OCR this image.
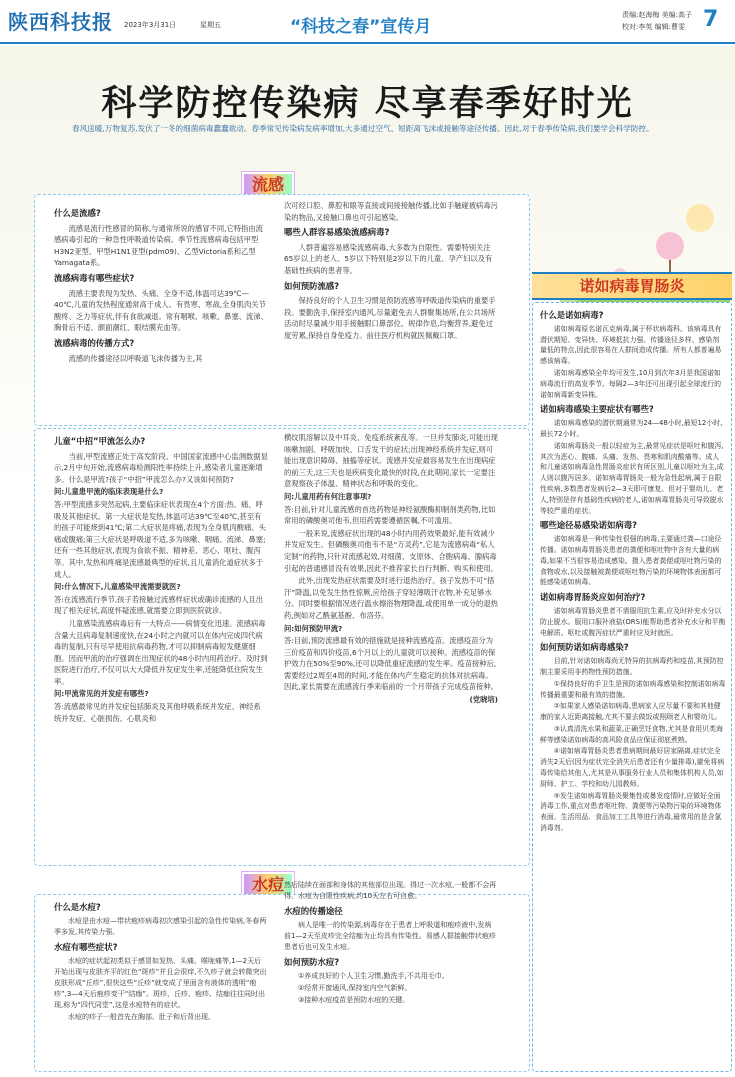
陕西科技报 2023年3月31日	星期五	“科技之春”宣传月
责编:赵海梅 美编:高子
校对:李英 编辑:曹雯 7
科学防控传染病 尽享春季好时光
春风送暖,万物复苏,发伏了一冬的细菌病毒蠢蠢欲动。春季常见传染病发病率增加,大多通过空气、短距离飞沫或接触等途径传播。因此,对于春季传染病,我们要学会科学防控。
流感
什么是流感?

流感是流行性感冒的简称,与通常所说的感冒不同,它特指由流感病毒引起的一种急性呼吸道传染病。季节性流感病毒包括甲型H3N2亚型、甲型H1N1亚型(pdm09)、乙型Victoria系和乙型Yamagata系。

流感病毒有哪些症状?

流感主要表现为发热、头痛、全身不适,体温可达39℃—40℃,儿童的发热程度通常高于成人。有畏寒、寒战,全身肌肉关节酸疼、乏力等症状,伴有食欲减退。常有咽喉、咳嗽、鼻塞、流涕、胸骨后不适、颜面潮红、眼结膜充血等。

流感病毒的传播方式?

流感的传播途径以呼吸道飞沫传播为主,其

次可经口腔、鼻腔和眼等直接或间接接触传播,比如手触碰被病毒污染的物品,又接触口鼻也可引起感染。

哪些人群容易感染流感病毒?

人群普遍容易感染流感病毒,大多数为自限性。需要特别关注65岁以上的老人、5岁以下特别是2岁以下的儿童、孕产妇以及有基础性疾病的患者等。

如何预防流感?

保持良好的个人卫生习惯是预防流感等呼吸道传染病的重要手段。要勤洗手,保持室内通风,尽量避免去人群聚集场所,在公共场所活动时尽量减少用手接触眼口鼻部位。规律作息,均衡营养,避免过度劳累,保持自身免疫力。前往医疗机构就医佩戴口罩。

儿童“中招”甲流怎么办?

当前,甲型流感正处于高发阶段。中国国家流感中心监测数据显示,2月中旬开始,流感病毒检测阳性率持续上升,感染者儿童逐渐增多。什么是甲流?孩子“中招”甲流怎么办?又该如何预防?

问:儿童患甲流的临床表现是什么?

答:甲型流感多突然起病,主要临床症状表现在4个方面:热、痛、呼吸及其他症状。第一大症状是发热,体温可达39℃至40℃,甚至有的孩子可能烧到41℃;第二大症状是疼痛,表现为全身肌肉酸痛、头痛或腹痛;第三大症状是呼吸道不适,多为咳嗽、咽痛、流涕、鼻塞;还有一些其他症状,表现为食欲不振、精神差、恶心、呕吐、腹泻等。其中,发热和疼痛是流感最典型的症状,且儿童消化道症状多于成人。

问:什么情况下,儿童感染甲流需要就医?

答:在流感流行季节,孩子若接触过流感样症状或确诊流感的人且出现了相关症状,高度怀疑流感,就需要立即到医院就诊。

儿童感染流感病毒后有一大特点——病情变化迅速。流感病毒含量大且病毒复制速度快,在24小时之内就可以在体内完成四代病毒的复制,只有尽早使用抗病毒药物,才可以抑制病毒短发健康细胞。因而甲流的治疗强调在出现症状的48小时内用药治疗。及时到医院进行治疗,不仅可以大大降低并发症发生率,还能降低住院发生率。

问:甲流常见的并发症有哪些?

答:流感最常见的并发症包括肺炎及其他呼吸系统并发症、神经系统并发症、心脏损伤、心肌炎和

横纹肌溶解以及中耳炎、免疫系统紊乱等。一旦并发肺炎,可能出现咳嗽加剧、呼吸加快、口舌发干的症状;出现神经系统并发症,则可能出现意识障碍、抽搐等症状。流感并发症最容易发生在出现病症的前三天,这三天也是疾病变化最快的时段,在此期间,家长一定要注意观察孩子体温、精神状态和呼吸的变化。

问:儿童用药有何注意事项?

答:目前,针对儿童流感的首选药物是神经氨酸酶抑制剂类药物,比如常用的磷酸奥司他韦,但用药需要遵循医嘱,不可滥用。

一般来说,流感症状出现的48小时内用药效果最好,能有效减少并发症发生。但磷酸奥司他韦不是“万灵药”,它是为流感病毒“私人定制”的药物,只针对流感起效,对细菌、支原体、合胞病毒、腺病毒引起的普通感冒没有效果,因此不推荐家长自行判断、购买和使用。

此外,出现发热症状需要及时进行退热治疗。孩子发热不可“捂汗”降温,以免发生热性惊厥,应给孩子穿轻薄吸汗衣物,补充足够水分。同时要根据情况进行温水擦浴物理降温,或使用单一成分的退热药,例如对乙酰氨基酚、布洛芬。

问:如何预防甲流?

答:目前,预防流感最有效的措施就是接种流感疫苗。流感疫苗分为三价疫苗和四价疫苗,6个月以上的儿童就可以接种。流感疫苗的保护效力在50%至90%,还可以降低重症流感的发生率。疫苗接种后,需要经过2周至4周的时间,才能在体内产生稳定的抗体对抗病毒。因此,家长需要在流感流行季来临前的一个月带孩子完成疫苗接种。

(党晓培)

诺如病毒胃肠炎
什么是诺如病毒?

诺如病毒原名诺瓦克病毒,属于杯状病毒科。该病毒具有潜伏期短、变异快、环境抵抗力强、传播途径多样、感染剂量低的特点,因此很容易在人群间造成传播。所有人都普遍易感该病毒。

诺如病毒感染全年均可发生,10月到次年3月是我国诺如病毒流行的高发季节。每隔2—3年还可出现引起全球流行的诺如病毒新变异株。

诺如病毒感染主要症状有哪些?

诺如病毒感染的潜伏期通常为24—48小时,最短12小时,最长72小时。

诺如病毒肠炎一般以轻症为主,最常见症状是呕吐和腹泻,其次为恶心、腹痛、头痛、发热、畏寒和肌肉酸痛等。成人和儿童诺如病毒急性胃肠炎症状有所区别,儿童以呕吐为主,成人则以腹泻居多。诺如病毒胃肠炎一般为急性起病,属于自限性疾病,多数患者发病后2—3天即可康复。但对于婴幼儿、老人,特别是伴有基础性疾病的老人,诺如病毒胃肠炎可导致脱水等较严重的症状。

哪些途径易感染诺如病毒?

诺如病毒是一种传染性很强的病毒,主要通过粪—口途径传播。诺如病毒胃肠炎患者的粪便和呕吐物中含有大量的病毒,如果不当很容易造成感染。摄入患者粪便或呕吐物污染的食物或水,以及接触被粪便或呕吐物污染的环境物体表面都可能感染诺如病毒。

诺如病毒胃肠炎应如何治疗?

诺如病毒胃肠炎患者不需服用抗生素,应及时补充水分以防止脱水。服用口服补液盐(ORS)能帮助患者补充水分和平衡电解质。呕吐或腹泻症状严重时应及时就医。

如何预防诺如病毒感染?

目前,针对诺如病毒尚无特异的抗病毒药和疫苗,其预防控制主要采用非药物性预防措施。

①保持良好的手卫生是预防诺如病毒感染和控制诺如病毒传播最重要和最有效的措施。

②如果家人感染诺如病毒,患病家人应尽量不要和其他健康的家人近距离接触,尤其不要去做饭或照顾老人和婴幼儿。

③认真清洗水果和蔬菜,正确烹饪食物,尤其是食用贝类海鲜等感染诺如病毒的高风险食品应保证彻底煮熟。

④诺如病毒胃肠炎患者患病期间最好居家隔离,症状完全消失2天后(因为症状完全消失后患者还有少量排毒),避免将病毒传染给其他人,尤其是从事服务行业人员和集体机构人员,如厨师、护工、学校和幼儿园教师。

⑤发生诺如病毒胃肠炎聚集性或暴发疫情时,应做好全面消毒工作,重点对患者呕吐物、粪便等污染物污染的环境物体表面、生活用品、食品加工工具等进行消毒,最常用的是含氯消毒剂。

水痘
什么是水痘?

水痘是由水痘—带状疱疹病毒初次感染引起的急性传染病,冬春两季多发,其传染力强。

水痘有哪些症状?

水痘的症状起初类似于感冒如发热、头痛、喉咙痛等,1—2天后开始出现与皮肤齐平的红色“斑疹”并且会很痒,不久疹子就会转微突出皮肤形成“丘疹”,很快这些“丘疹”就变成了里面含有液体的透明“疱疹”,3—4天后疱疹变干“结痂”。斑疹、丘疹、疱疹、结痂往往同时出现,称为“四代同堂”,这是水痘特有的症状。

水痘的疹子一般首先在胸部、肚子和后背出现,

然后陆续在面部和身体的其他部位出现。得过一次水痘,一般都不会再得。水痘为自限性疾病,约10天左右可自愈。

水痘的传播途径

病人是唯一的传染源,病毒存在于患者上呼吸道和疱疹液中,发病前1—2天至皮疹完全结痂为止均具有传染性。易感人群接触带状疱疹患者后也可发生水痘。

如何预防水痘?

①养成良好的个人卫生习惯,勤洗手,不共用毛巾。

②经常开窗通风,保持室内空气新鲜。

③接种水痘疫苗是预防水痘的关键。
